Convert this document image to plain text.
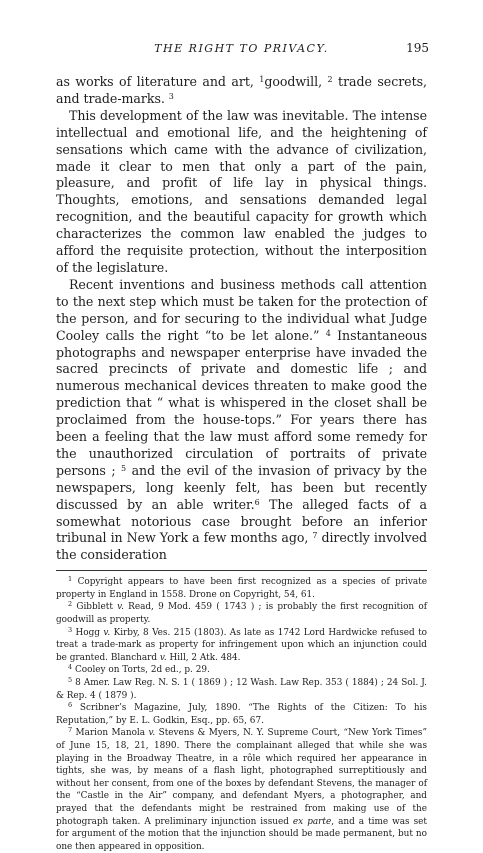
THE RIGHT TO PRIVACY.	195

as works of literature and art, $^1$goodwill, $^2$ trade secrets, and trade-marks. $^3$

This development of the law was inevitable. The intense intellectual and emotional life, and the heightening of sensations which came with the advance of civilization, made it clear to men that only a part of the pain, pleasure, and profit of life lay in physical things. Thoughts, emotions, and sensations demanded legal recognition, and the beautiful capacity for growth which characterizes the common law enabled the judges to afford the requisite protection, without the interposition of the legislature.

Recent inventions and business methods call attention to the next step which must be taken for the protection of the person, and for securing to the individual what Judge Cooley calls the right “to be let alone.” $^4$ Instantaneous photographs and newspaper enterprise have invaded the sacred precincts of private and domestic life ; and numerous mechanical devices threaten to make good the prediction that “ what is whispered in the closet shall be proclaimed from the house-tops.” For years there has been a feeling that the law must afford some remedy for the unauthorized circulation of portraits of private persons ; $^5$ and the evil of the invasion of privacy by the newspapers, long keenly felt, has been but recently discussed by an able writer.$^6$ The alleged facts of a somewhat notorious case brought before an inferior tribunal in New York a few months ago, $^7$ directly involved the consideration

$^1$ Copyright appears to have been first recognized as a species of private property in England in 1558. Drone on Copyright, 54, 61.

$^2$ Gibblett v. Read, 9 Mod. 459 ( 1743 ) ; is probably the first recognition of goodwill as property.

$^3$ Hogg v. Kirby, 8 Ves. 215 (1803). As late as 1742 Lord Hardwicke refused to treat a trade-mark as property for infringement upon which an injunction could be granted. Blanchard v. Hill, 2 Atk. 484.

$^4$ Cooley on Torts, 2d ed., p. 29.

$^5$ 8 Amer. Law Reg. N. S. 1 ( 1869 ) ; 12 Wash. Law Rep. 353 ( 1884) ; 24 Sol. J. & Rep. 4 ( 1879 ).

$^6$ Scribner’s Magazine, July, 1890. “The Rights of the Citizen: To his Reputation,” by E. L. Godkin, Esq., pp. 65, 67.

$^7$ Marion Manola v. Stevens & Myers, N. Y. Supreme Court, “New York Times” of June 15, 18, 21, 1890. There the complainant alleged that while she was playing in the Broadway Theatre, in a rôle which required her appearance in tights, she was, by means of a flash light, photographed surreptitiously and without her consent, from one of the boxes by defendant Stevens, the manager of the “Castle in the Air” company, and defendant Myers, a photographer, and prayed that the defendants might be restrained from making use of the photograph taken. A preliminary injunction issued ex parte, and a time was set for argument of the motion that the injunction should be made permanent, but no one then appeared in opposition.
